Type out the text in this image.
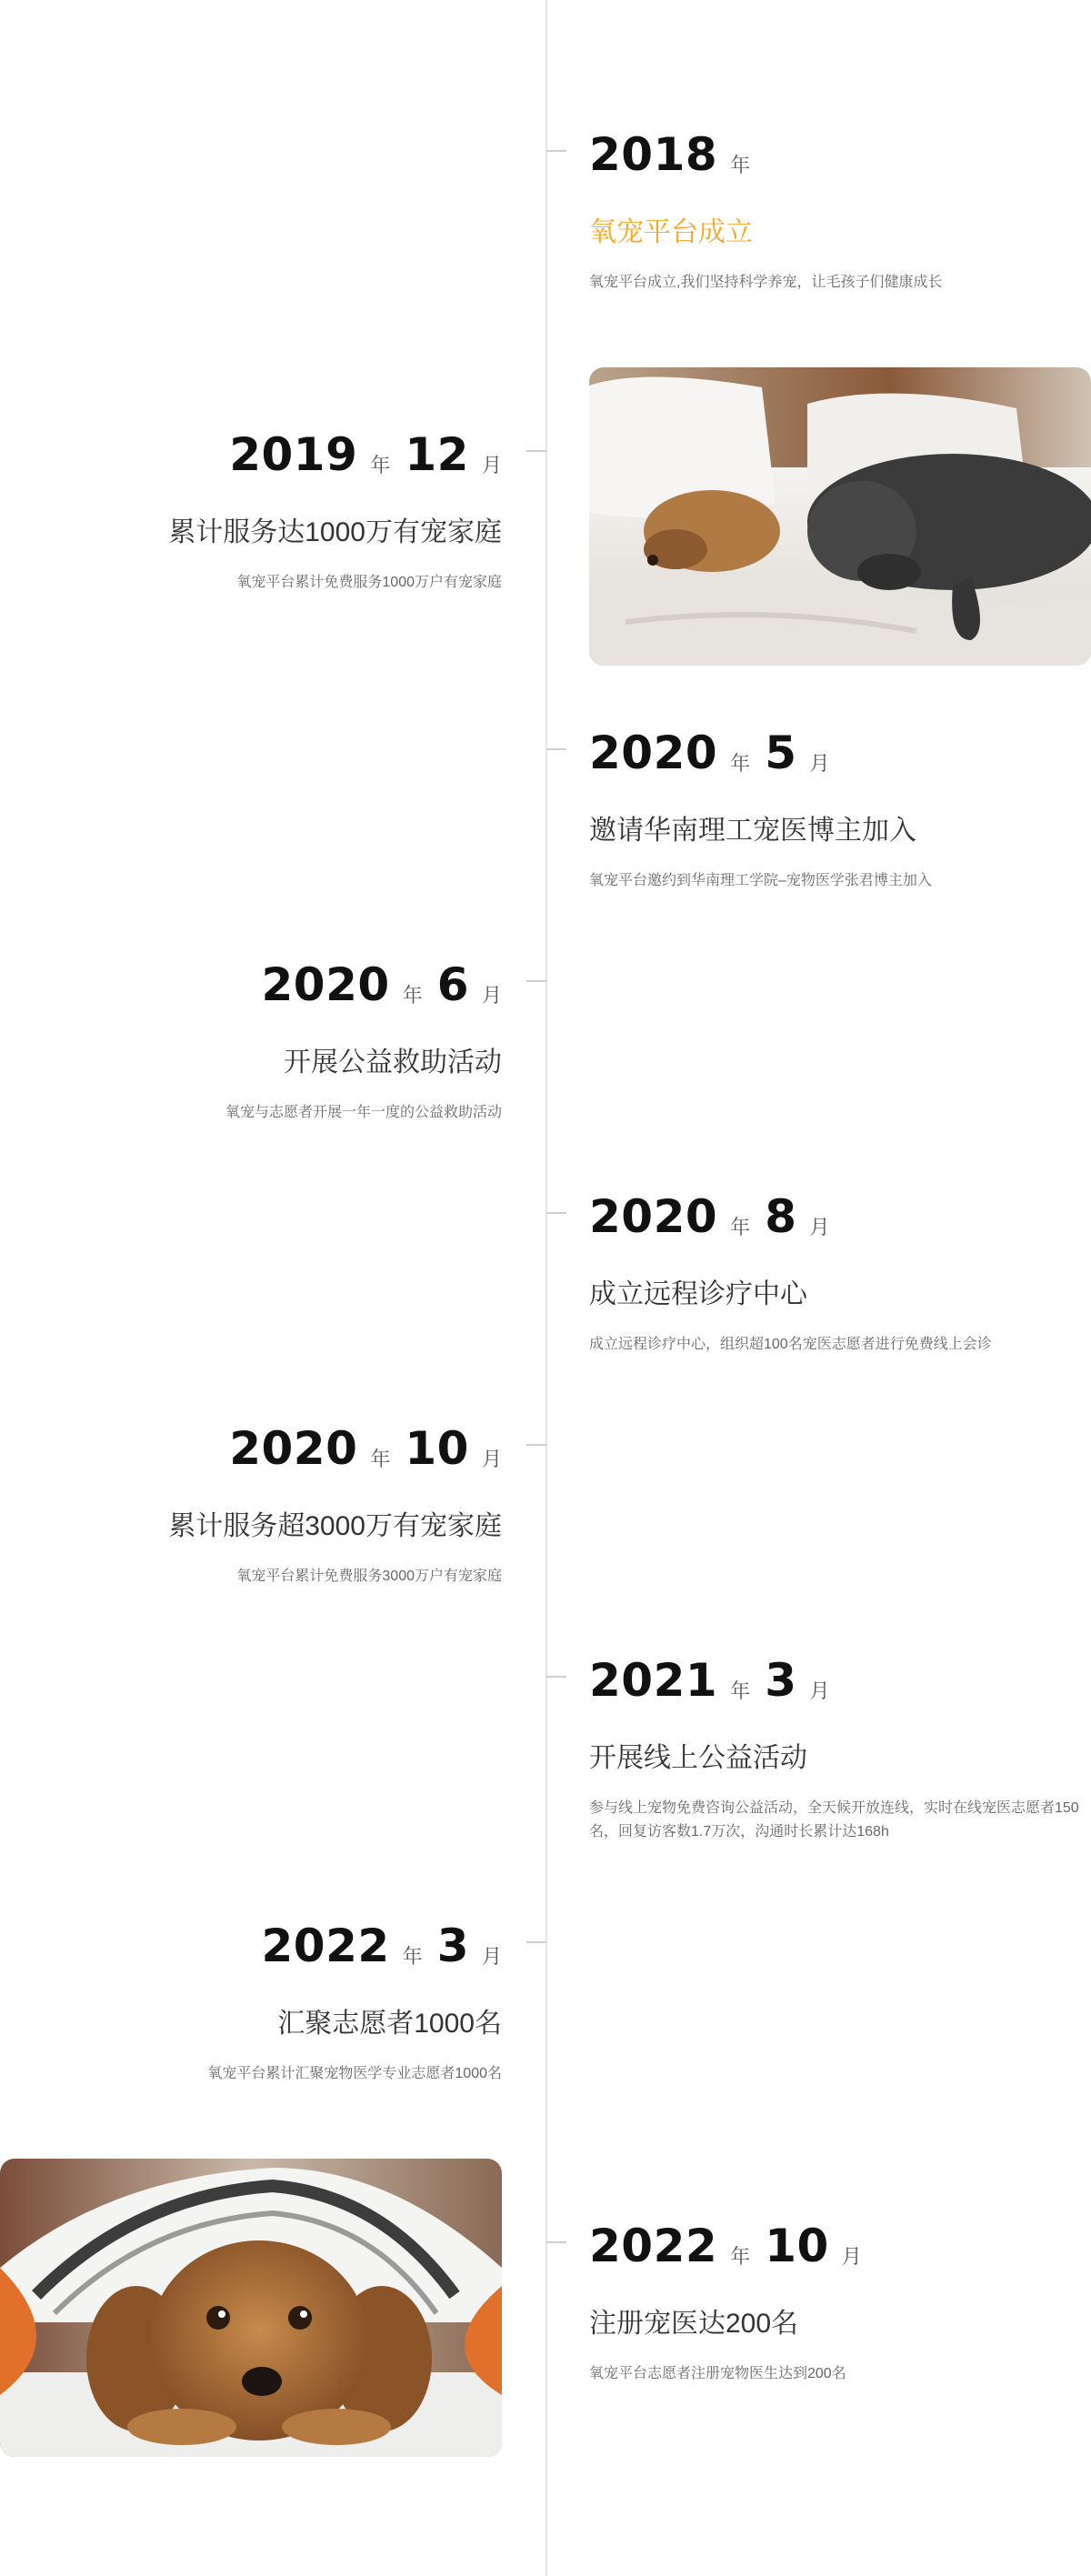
2018 年
氧宠平台成立
氧宠平台成立,我们坚持科学养宠，让毛孩子们健康成长
2019 年 12 月
累计服务达1000万有宠家庭
氧宠平台累计免费服务1000万户有宠家庭
2020 年 5 月
邀请华南理工宠医博主加入
氧宠平台邀约到华南理工学院–宠物医学张君博主加入
2020 年 6 月
开展公益救助活动
氧宠与志愿者开展一年一度的公益救助活动
2020 年 8 月
成立远程诊疗中心
成立远程诊疗中心，组织超100名宠医志愿者进行免费线上会诊
2020 年 10 月
累计服务超3000万有宠家庭
氧宠平台累计免费服务3000万户有宠家庭
2021 年 3 月
开展线上公益活动
参与线上宠物免费咨询公益活动，全天候开放连线，实时在线宠医志愿者150名，回复访客数1.7万次，沟通时长累计达168h
2022 年 3 月
汇聚志愿者1000名
氧宠平台累计汇聚宠物医学专业志愿者1000名
2022 年 10 月
注册宠医达200名
氧宠平台志愿者注册宠物医生达到200名
